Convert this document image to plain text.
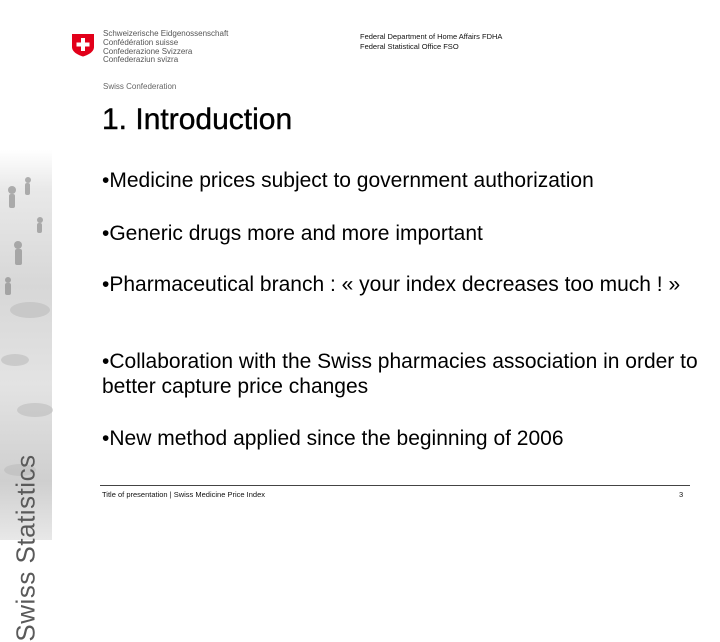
Swiss Statistics
Schweizerische Eidgenossenschaft
Confédération suisse
Confederazione Svizzera
Confederaziun svizra
Swiss Confederation
Federal Department of Home Affairs FDHA
Federal Statistical Office FSO
1. Introduction
•Medicine prices subject to government authorization
•Generic drugs more and more important
•Pharmaceutical branch : « your index decreases too much ! »
•Collaboration with the Swiss pharmacies association in order to better capture price changes
•New method applied since the beginning of 2006
Title of presentation | Swiss Medicine Price Index	3
